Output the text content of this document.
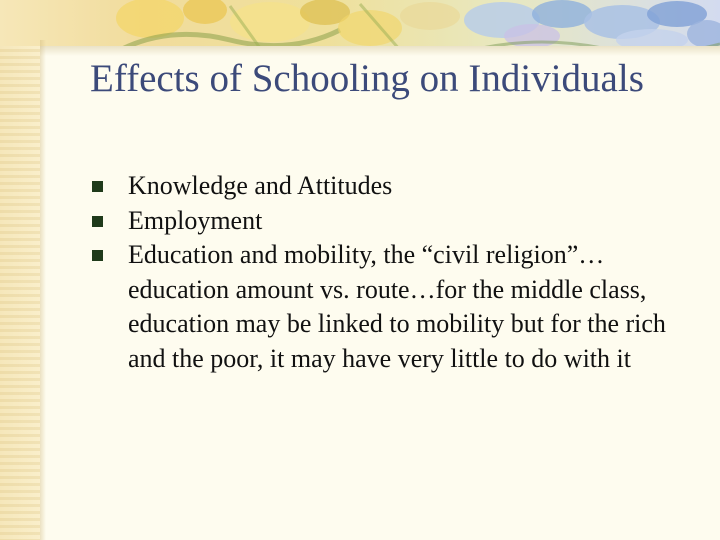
Effects of Schooling on Individuals
Knowledge and Attitudes
Employment
Education and mobility, the “civil religion”… education amount vs. route…for the middle class, education may be linked to mobility but for the rich and the poor, it may have very little to do with it
